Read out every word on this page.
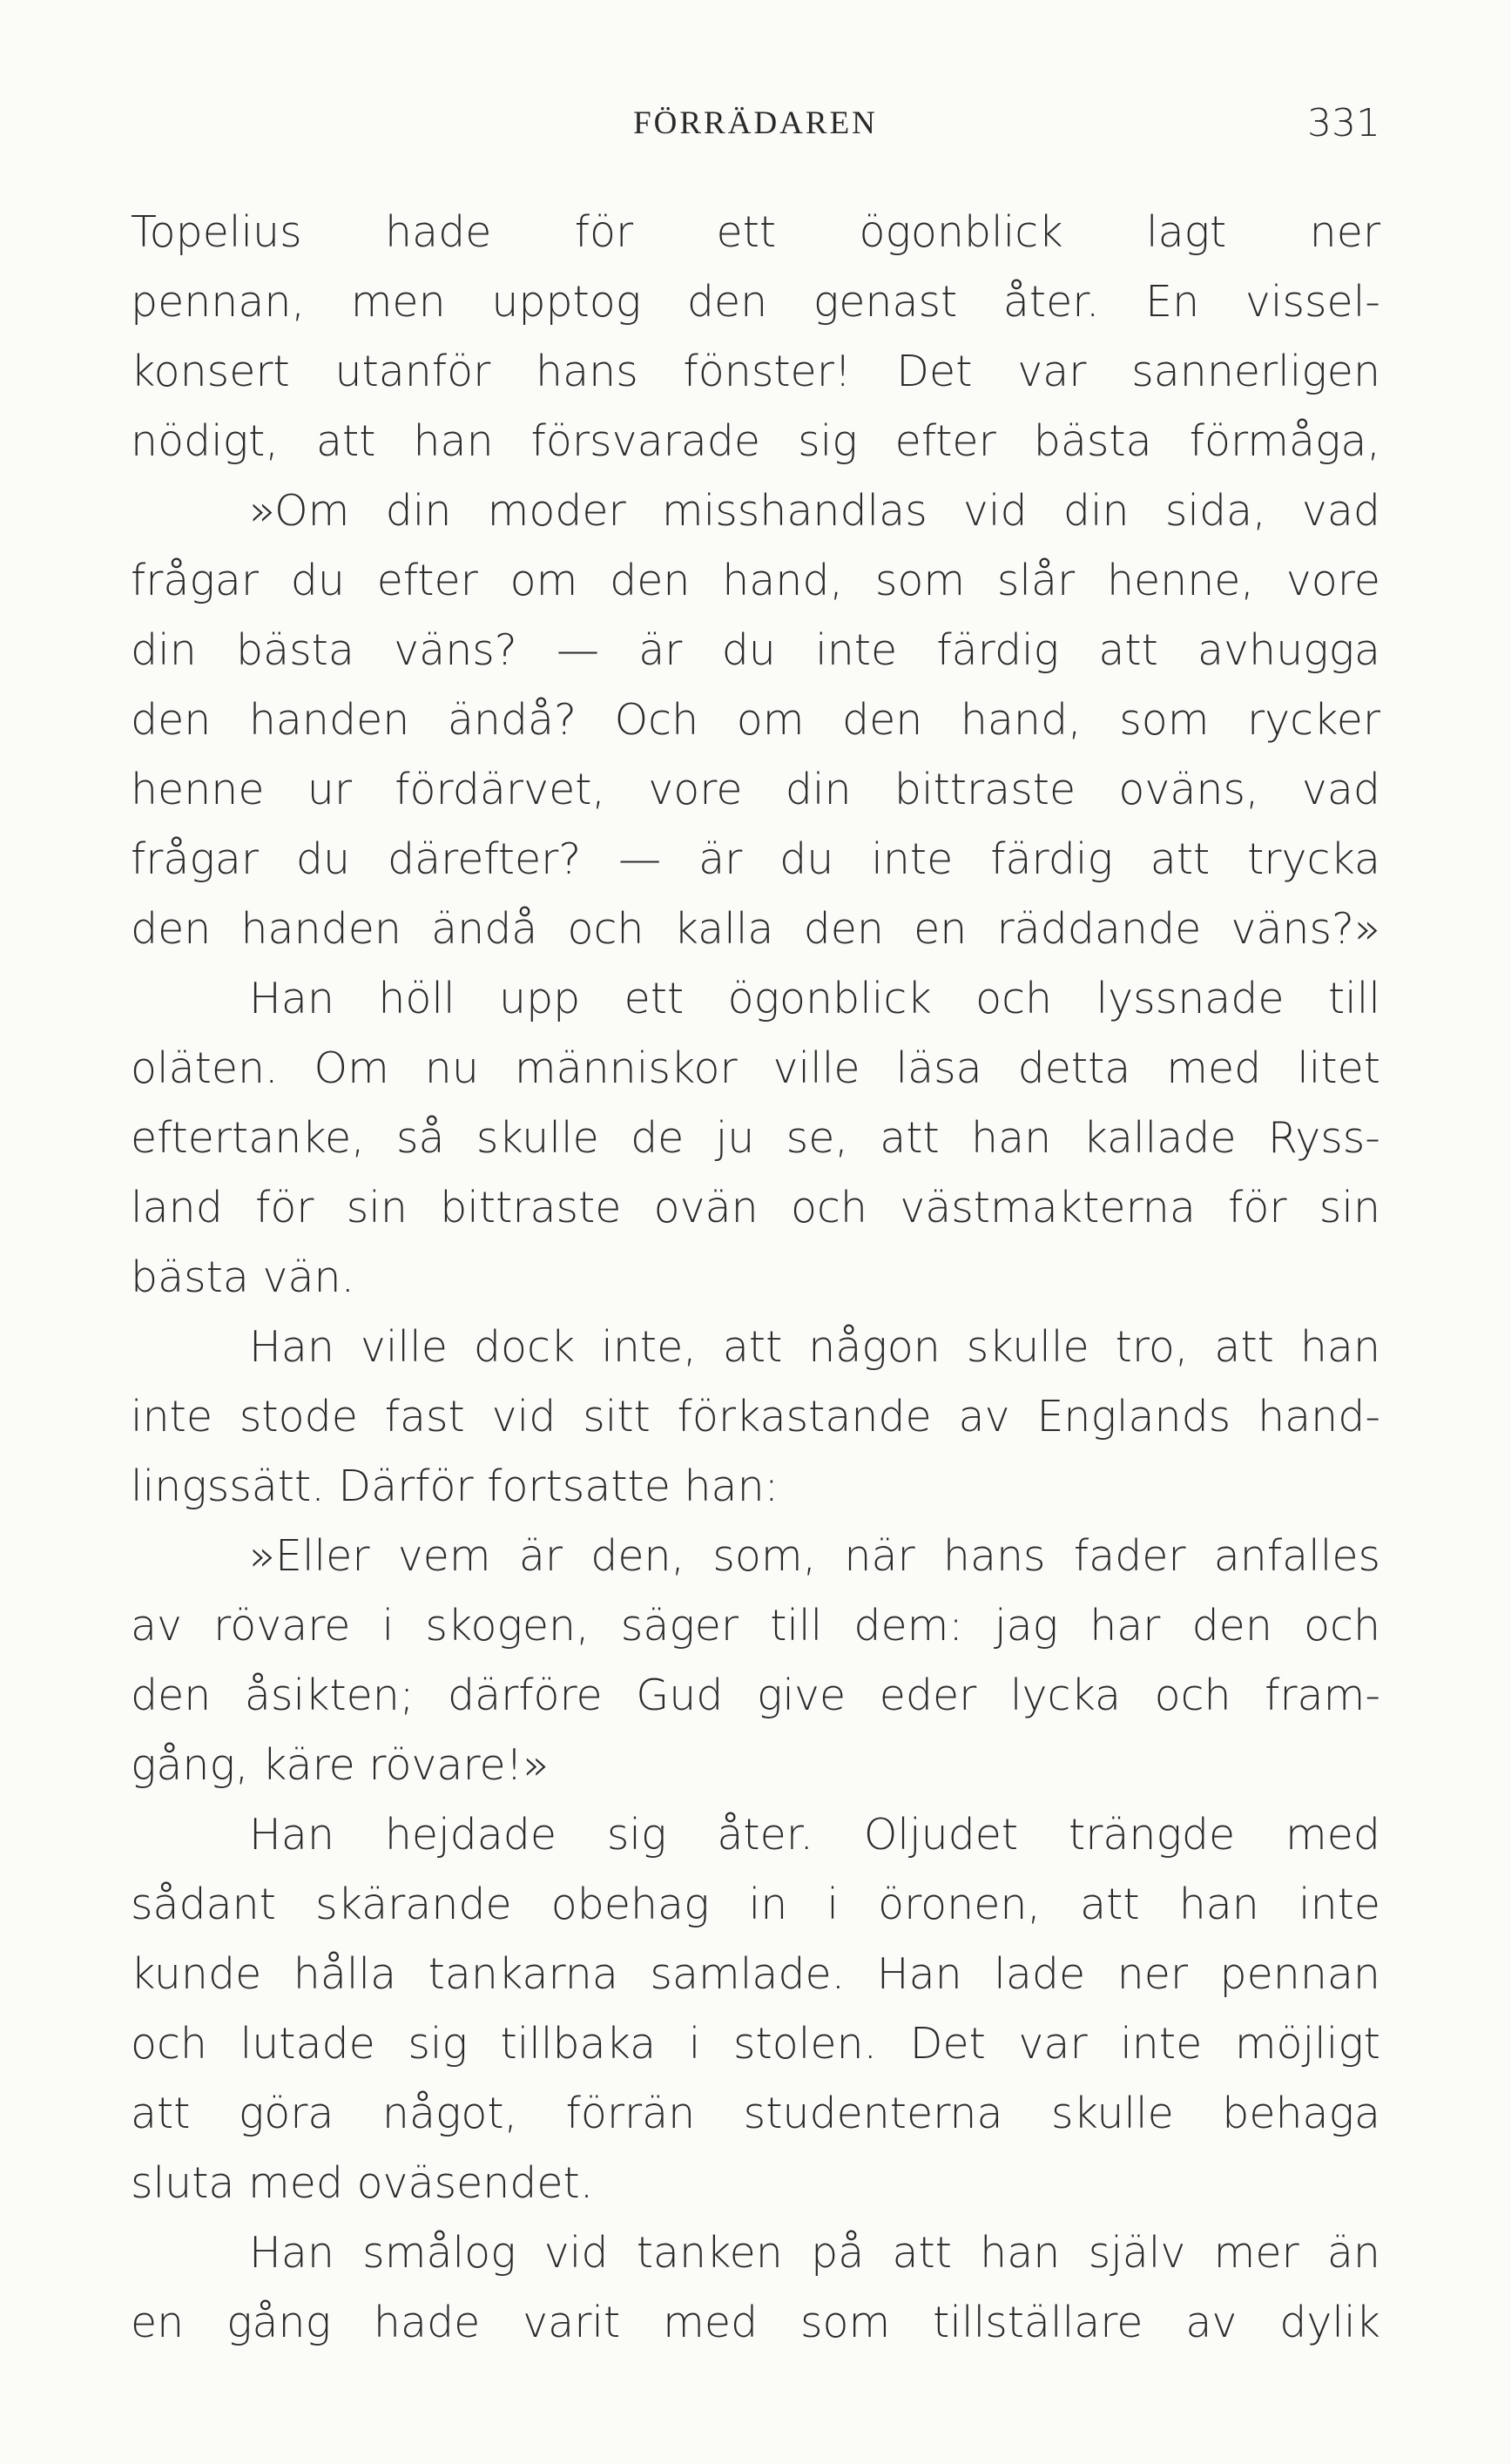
FÖRRÄDAREN	331
Topelius hade för ett ögonblick lagt ner
pennan, men upptog den genast åter. En vissel-
konsert utanför hans fönster! Det var sannerligen
nödigt, att han försvarade sig efter bästa förmåga,
»Om din moder misshandlas vid din sida, vad
frågar du efter om den hand, som slår henne, vore
din bästa väns? — är du inte färdig att avhugga
den handen ändå? Och om den hand, som rycker
henne ur fördärvet, vore din bittraste oväns, vad
frågar du därefter? — är du inte färdig att trycka
den handen ändå och kalla den en räddande väns?»
Han höll upp ett ögonblick och lyssnade till
oläten. Om nu människor ville läsa detta med litet
eftertanke, så skulle de ju se, att han kallade Ryss-
land för sin bittraste ovän och västmakterna för sin
bästa vän.
Han ville dock inte, att någon skulle tro, att han
inte stode fast vid sitt förkastande av Englands hand-
lingssätt. Därför fortsatte han:
»Eller vem är den, som, när hans fader anfalles
av rövare i skogen, säger till dem: jag har den och
den åsikten; därföre Gud give eder lycka och fram-
gång, käre rövare!»
Han hejdade sig åter. Oljudet trängde med
sådant skärande obehag in i öronen, att han inte
kunde hålla tankarna samlade. Han lade ner pennan
och lutade sig tillbaka i stolen. Det var inte möjligt
att göra något, förrän studenterna skulle behaga
sluta med oväsendet.
Han smålog vid tanken på att han själv mer än
en gång hade varit med som tillställare av dylik
